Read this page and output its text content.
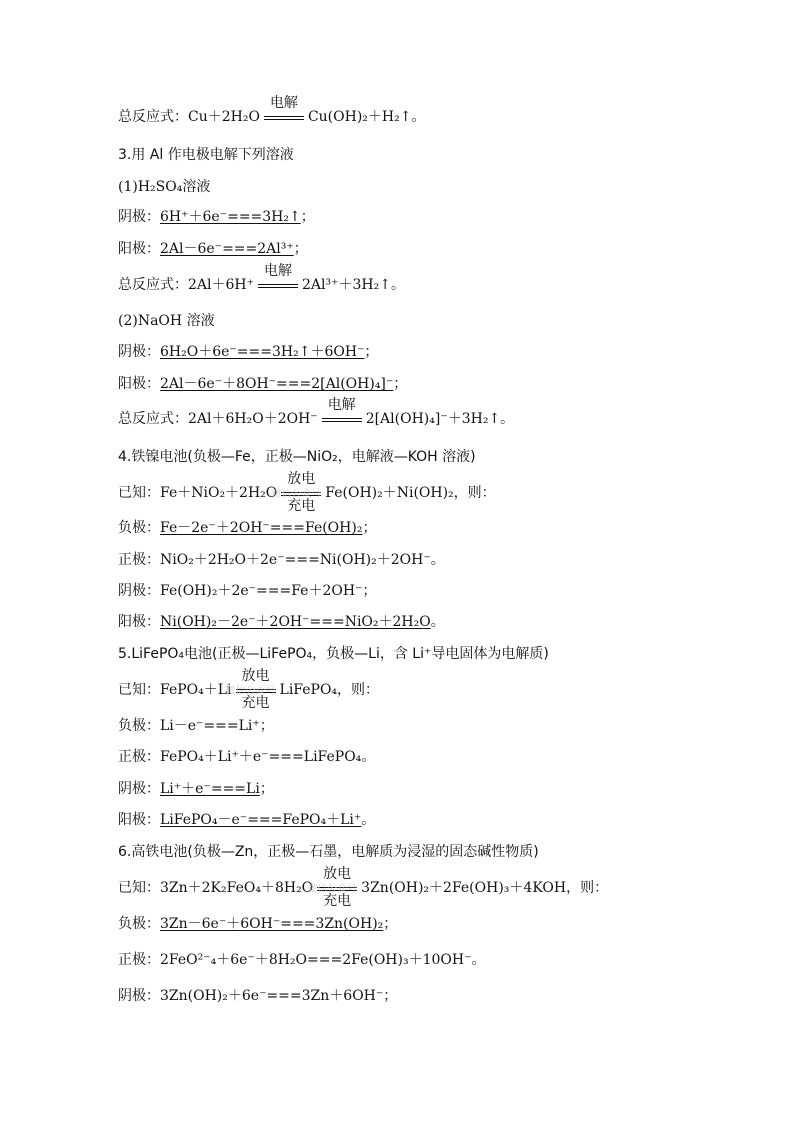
总反应式：Cu＋2H₂O
电解
Cu(OH)₂＋H₂↑。
3.用 Al 作电极电解下列溶液
(1)H₂SO₄溶液
阴极：6H⁺＋6e⁻===3H₂↑；
阳极：2Al－6e⁻===2Al³⁺；
总反应式：2Al＋6H⁺
电解
2Al³⁺＋3H₂↑。
(2)NaOH 溶液
阴极：6H₂O＋6e⁻===3H₂↑＋6OH⁻；
阳极：2Al－6e⁻＋8OH⁻===2[Al(OH)₄]⁻；
总反应式：2Al＋6H₂O＋2OH⁻
电解
2[Al(OH)₄]⁻＋3H₂↑。
4.铁镍电池(负极—Fe，正极—NiO₂，电解液—KOH 溶液)
已知：Fe＋NiO₂＋2H₂O
放电
充电
微信公众号 Fe(OH)₂＋Ni(OH)₂，则：
负极：Fe－2e⁻＋2OH⁻===Fe(OH)₂；
正极：NiO₂＋2H₂O＋2e⁻===Ni(OH)₂＋2OH⁻。
阴极：Fe(OH)₂＋2e⁻===Fe＋2OH⁻；
阳极：Ni(OH)₂－2e⁻＋2OH⁻===NiO₂＋2H₂O。
5.LiFePO₄电池(正极—LiFePO₄，负极—Li，含 Li⁺导电固体为电解质)
已知：FePO₄＋Li
放电
充电
微信公众号 LiFePO₄，则：
负极：Li－e⁻===Li⁺；
正极：FePO₄＋Li⁺＋e⁻===LiFePO₄。
阴极：Li⁺＋e⁻===Li；
阳极：LiFePO₄－e⁻===FePO₄＋Li⁺。
6.高铁电池(负极—Zn，正极—石墨，电解质为浸湿的固态碱性物质)
已知：3Zn＋2K₂FeO₄＋8H₂O
放电
充电
微信公众号 3Zn(OH)₂＋2Fe(OH)₃＋4KOH，则：
负极：3Zn－6e⁻＋6OH⁻===3Zn(OH)₂；
正极：2FeO²⁻₄＋6e⁻＋8H₂O===2Fe(OH)₃＋10OH⁻。
阴极：3Zn(OH)₂＋6e⁻===3Zn＋6OH⁻；
